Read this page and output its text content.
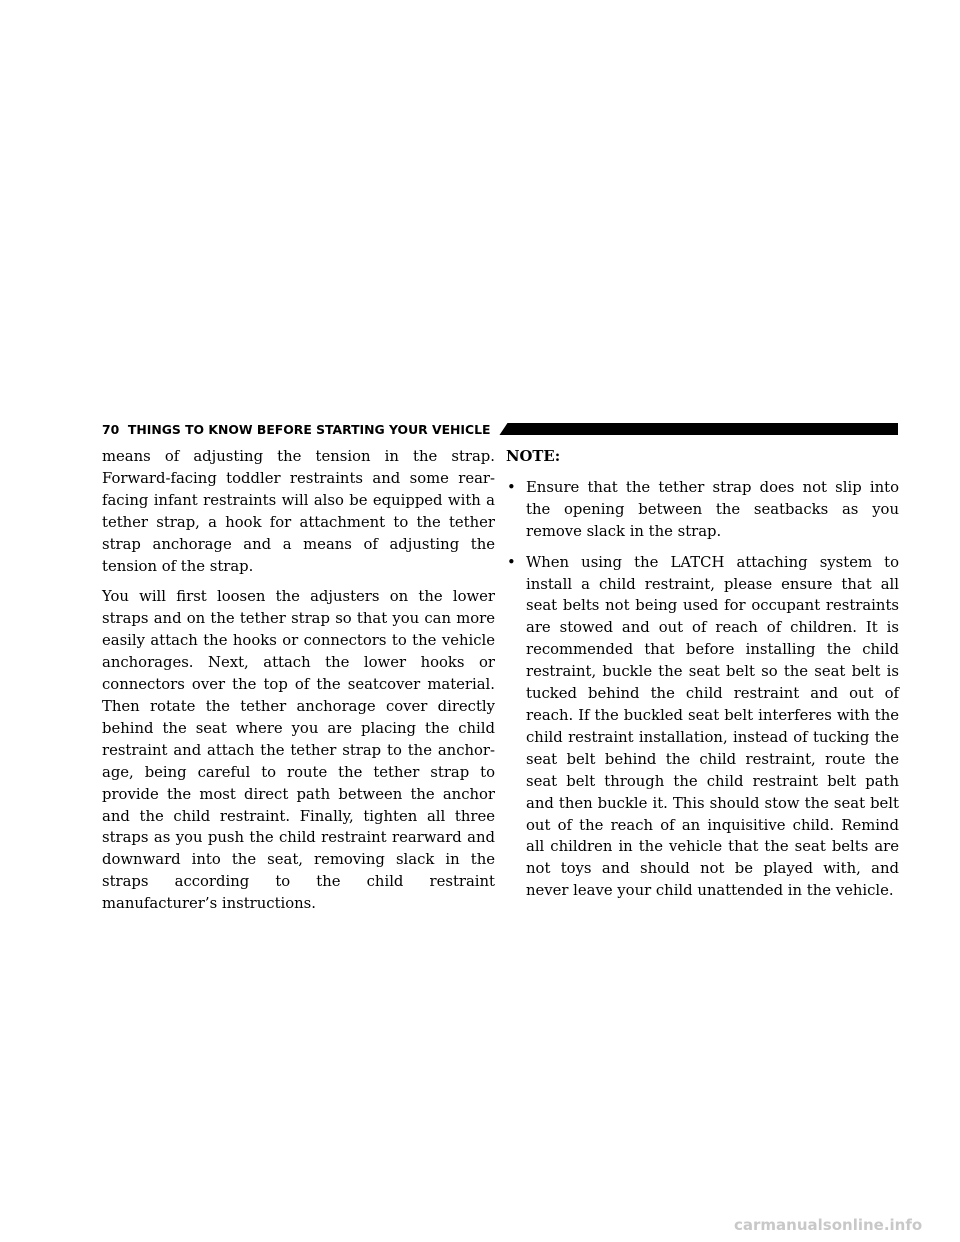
70 THINGS TO KNOW BEFORE STARTING YOUR VEHICLE

means of adjusting the tension in the strap. Forward-facing toddler restraints and some rear-facing infant restraints will also be equipped with a tether strap, a hook for attachment to the tether strap anchorage and a means of adjusting the tension of the strap.

You will first loosen the adjusters on the lower straps and on the tether strap so that you can more easily attach the hooks or connectors to the vehicle anchorages. Next, attach the lower hooks or connectors over the top of the seatcover material. Then rotate the tether anchorage cover directly behind the seat where you are placing the child restraint and attach the tether strap to the anchor-age, being careful to route the tether strap to provide the most direct path between the anchor and the child restraint. Finally, tighten all three straps as you push the child restraint rearward and downward into the seat, removing slack in the straps according to the child restraint manufacturer’s instructions.

NOTE:

• Ensure that the tether strap does not slip into the opening between the seatbacks as you remove slack in the strap.
• When using the LATCH attaching system to install a child restraint, please ensure that all seat belts not being used for occupant restraints are stowed and out of reach of children. It is recommended that before installing the child restraint, buckle the seat belt so the seat belt is tucked behind the child restraint and out of reach. If the buckled seat belt interferes with the child restraint installation, instead of tucking the seat belt behind the child restraint, route the seat belt through the child restraint belt path and then buckle it. This should stow the seat belt out of the reach of an inquisitive child. Remind all children in the vehicle that the seat belts are not toys and should not be played with, and never leave your child unattended in the vehicle.
carmanualsonline.info
